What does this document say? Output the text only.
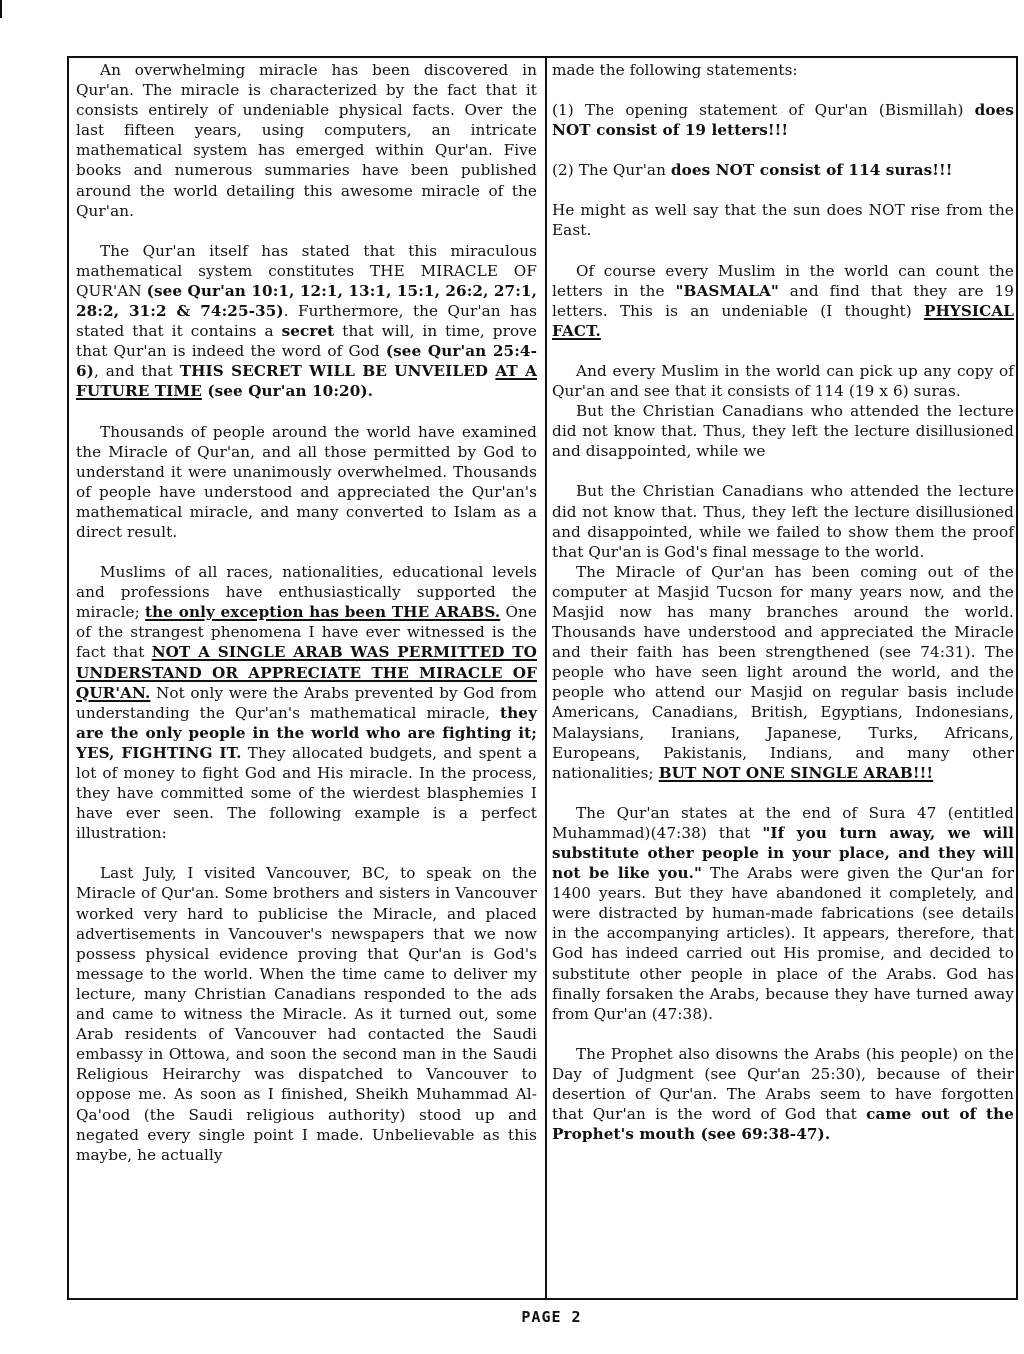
An overwhelming miracle has been discovered in Qur'an. The miracle is characterized by the fact that it consists entirely of undeniable physical facts. Over the last fifteen years, using computers, an intricate mathematical system has emerged within Qur'an. Five books and numerous summaries have been published around the world detailing this awesome miracle of the Qur'an.

The Qur'an itself has stated that this miraculous mathematical system constitutes THE MIRACLE OF QUR'AN (see Qur'an 10:1, 12:1, 13:1, 15:1, 26:2, 27:1, 28:2, 31:2 & 74:25-35). Furthermore, the Qur'an has stated that it contains a secret that will, in time, prove that Qur'an is indeed the word of God (see Qur'an 25:4-6), and that THIS SECRET WILL BE UNVEILED AT A FUTURE TIME (see Qur'an 10:20).

Thousands of people around the world have examined the Miracle of Qur'an, and all those permitted by God to understand it were unanimously overwhelmed. Thousands of people have understood and appreciated the Qur'an's mathematical miracle, and many converted to Islam as a direct result.

Muslims of all races, nationalities, educational levels and professions have enthusiastically supported the miracle; the only exception has been THE ARABS. One of the strangest phenomena I have ever witnessed is the fact that NOT A SINGLE ARAB WAS PERMITTED TO UNDERSTAND OR APPRECIATE THE MIRACLE OF QUR'AN. Not only were the Arabs prevented by God from understanding the Qur'an's mathematical miracle, they are the only people in the world who are fighting it; YES, FIGHTING IT. They allocated budgets, and spent a lot of money to fight God and His miracle. In the process, they have committed some of the wierdest blasphemies I have ever seen. The following example is a perfect illustration:

Last July, I visited Vancouver, BC, to speak on the Miracle of Qur'an. Some brothers and sisters in Vancouver worked very hard to publicise the Miracle, and placed advertisements in Vancouver's newspapers that we now possess physical evidence proving that Qur'an is God's message to the world. When the time came to deliver my lecture, many Christian Canadians responded to the ads and came to witness the Miracle. As it turned out, some Arab residents of Vancouver had contacted the Saudi embassy in Ottowa, and soon the second man in the Saudi Religious Heirarchy was dispatched to Vancouver to oppose me. As soon as I finished, Sheikh Muhammad Al-Qa'ood (the Saudi religious authority) stood up and negated every single point I made. Unbelievable as this maybe, he actually

made the following statements:

(1) The opening statement of Qur'an (Bismillah) does NOT consist of 19 letters!!!

(2) The Qur'an does NOT consist of 114 suras!!!

He might as well say that the sun does NOT rise from the East.

Of course every Muslim in the world can count the letters in the "BASMALA" and find that they are 19 letters. This is an undeniable (I thought) PHYSICAL FACT.

And every Muslim in the world can pick up any copy of Qur'an and see that it consists of 114 (19 x 6) suras.

But the Christian Canadians who attended the lecture did not know that. Thus, they left the lecture disillusioned and disappointed, while we

But the Christian Canadians who attended the lecture did not know that. Thus, they left the lecture disillusioned and disappointed, while we failed to show them the proof that Qur'an is God's final message to the world.

The Miracle of Qur'an has been coming out of the computer at Masjid Tucson for many years now, and the Masjid now has many branches around the world. Thousands have understood and appreciated the Miracle and their faith has been strengthened (see 74:31). The people who have seen light around the world, and the people who attend our Masjid on regular basis include Americans, Canadians, British, Egyptians, Indonesians, Malaysians, Iranians, Japanese, Turks, Africans, Europeans, Pakistanis, Indians, and many other nationalities; BUT NOT ONE SINGLE ARAB!!!

The Qur'an states at the end of Sura 47 (entitled Muhammad)(47:38) that "If you turn away, we will substitute other people in your place, and they will not be like you." The Arabs were given the Qur'an for 1400 years. But they have abandoned it completely, and were distracted by human-made fabrications (see details in the accompanying articles). It appears, therefore, that God has indeed carried out His promise, and decided to substitute other people in place of the Arabs. God has finally forsaken the Arabs, because they have turned away from Qur'an (47:38).

The Prophet also disowns the Arabs (his people) on the Day of Judgment (see Qur'an 25:30), because of their desertion of Qur'an. The Arabs seem to have forgotten that Qur'an is the word of God that came out of the Prophet's mouth (see 69:38-47).

PAGE 2
